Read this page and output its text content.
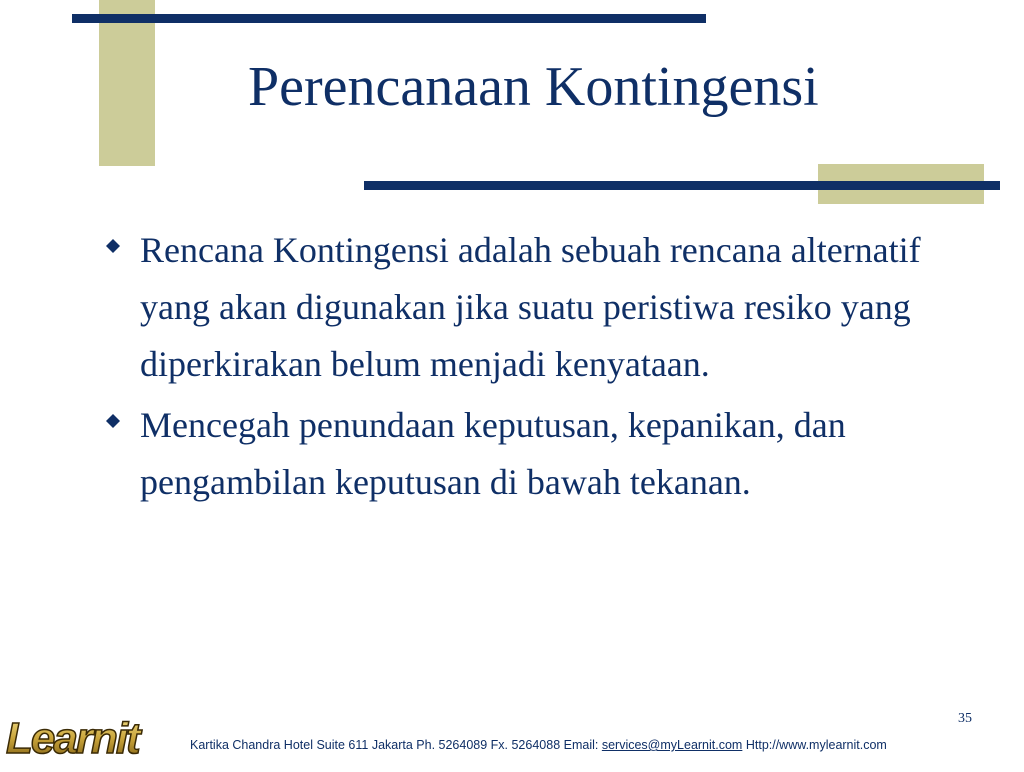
Perencanaan Kontingensi
Rencana Kontingensi adalah sebuah rencana alternatif yang akan digunakan jika suatu peristiwa resiko yang diperkirakan belum menjadi kenyataan.
Mencegah penundaan keputusan, kepanikan, dan pengambilan keputusan di bawah tekanan.
35
Learnit	Kartika Chandra Hotel Suite 611 Jakarta Ph. 5264089 Fx. 5264088 Email: services@myLearnit.com Http://www.mylearnit.com
